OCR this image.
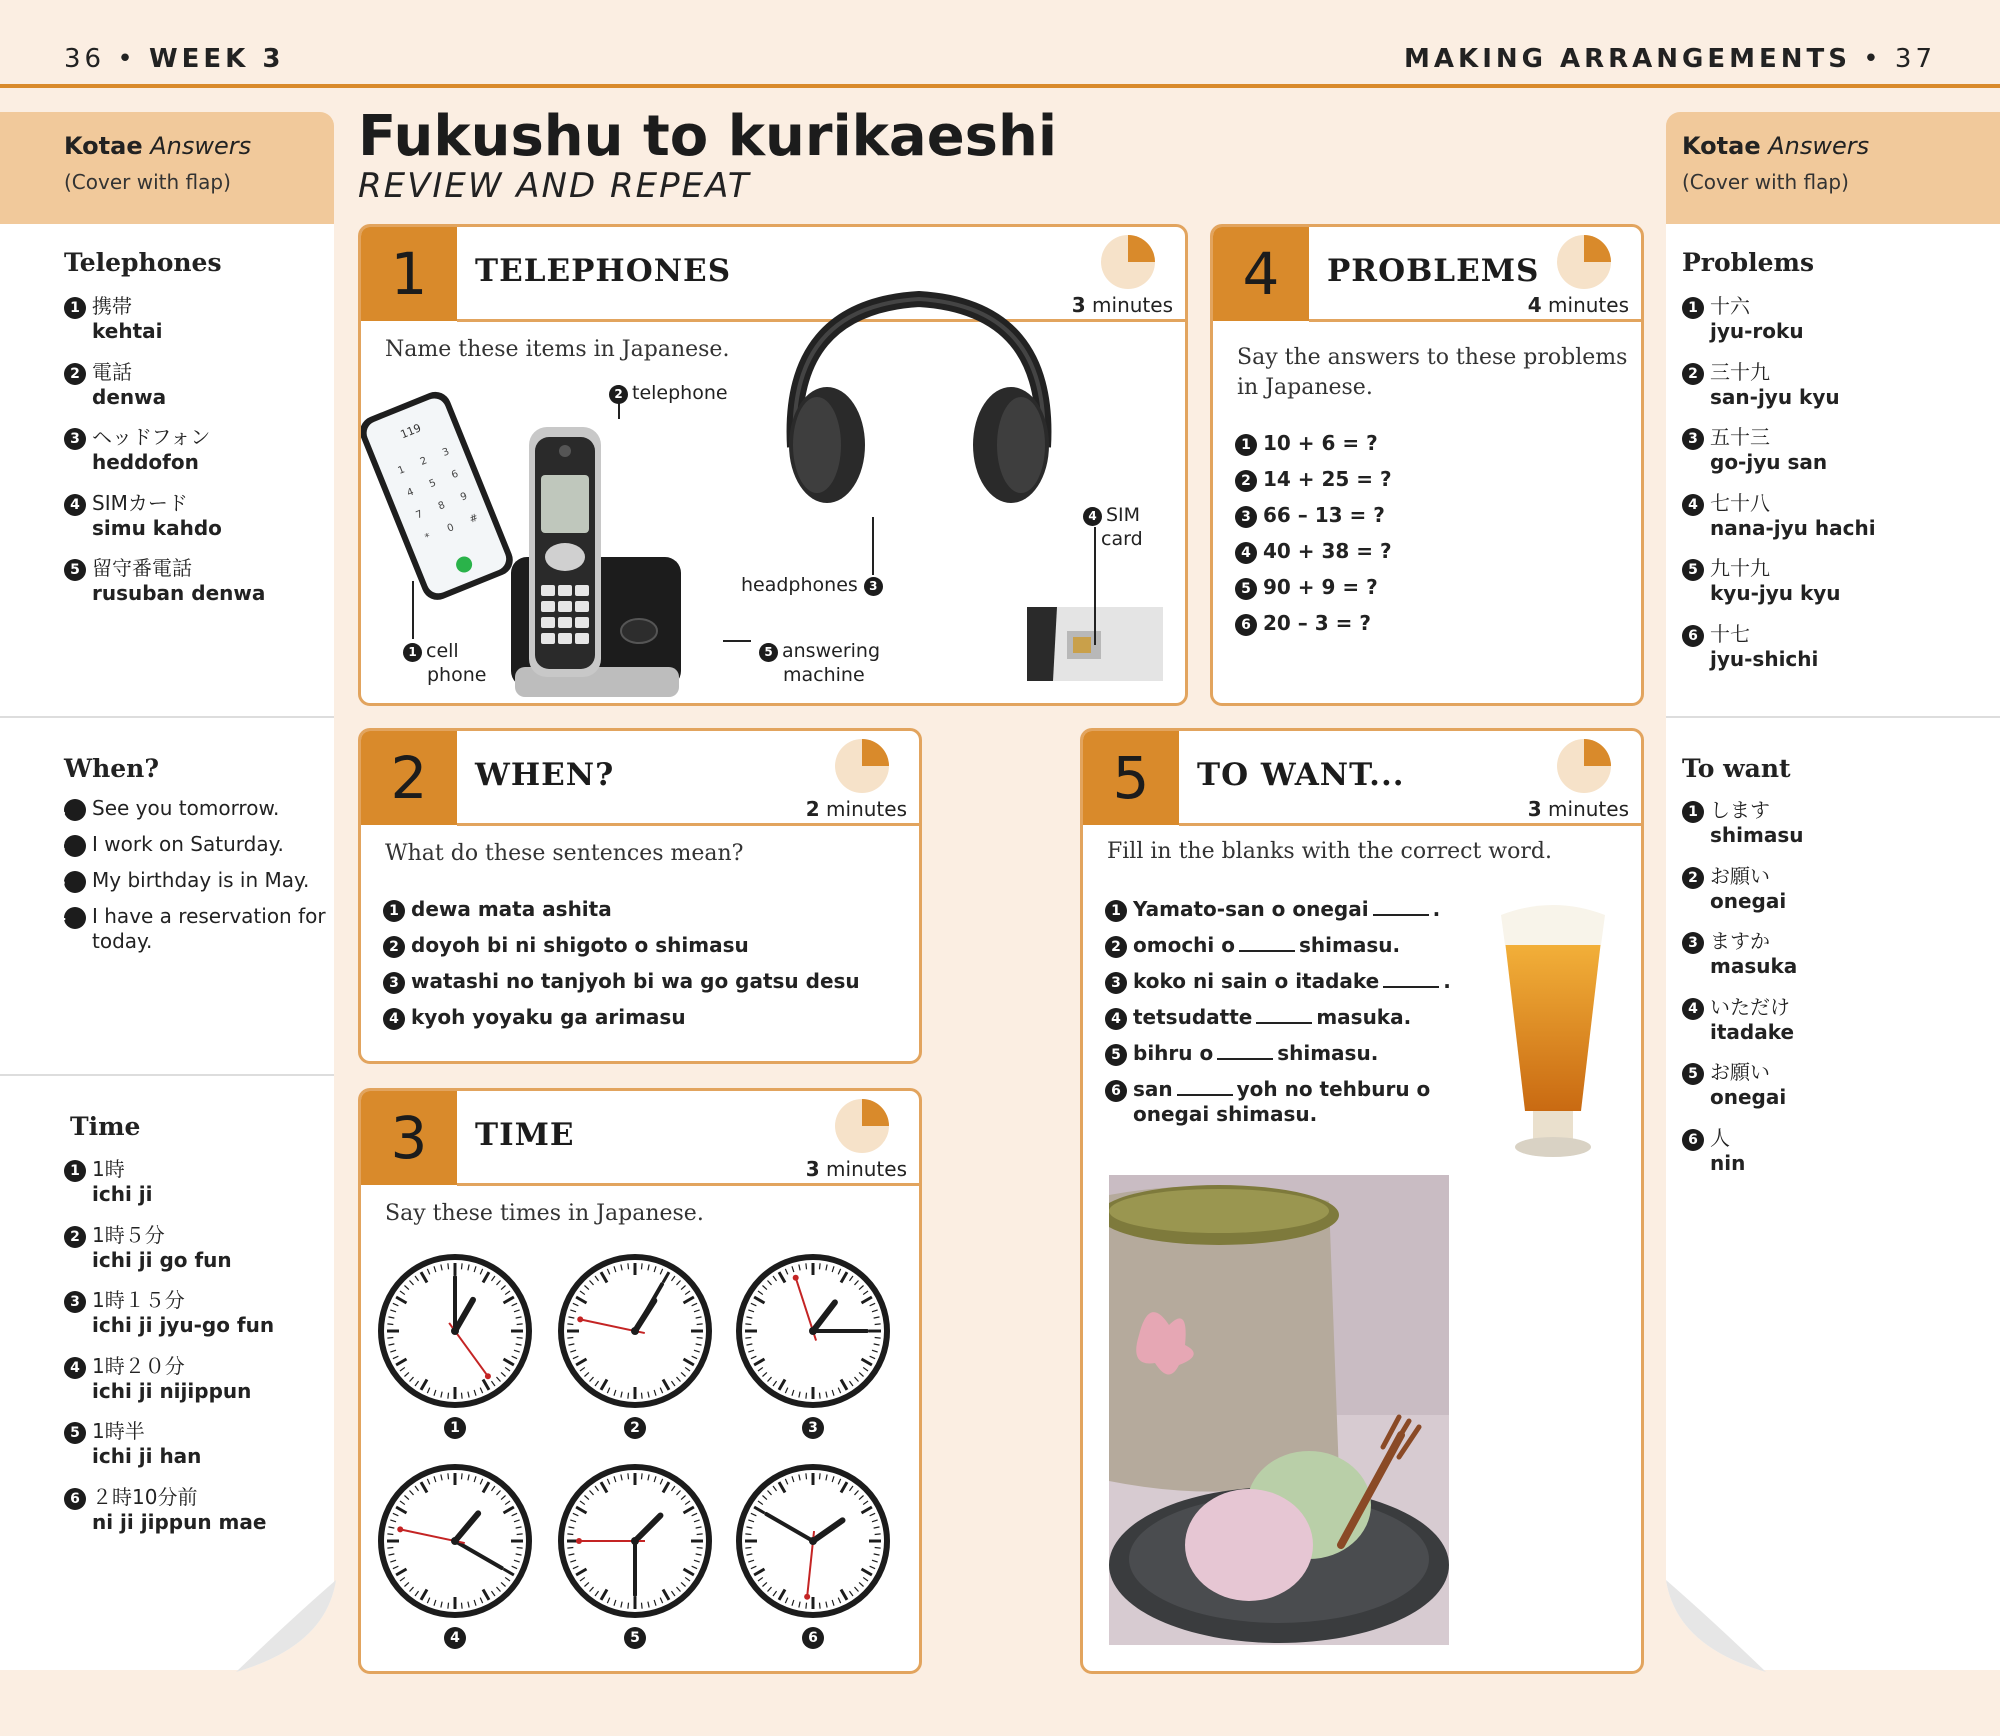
36 • WEEK 3	MAKING ARRANGEMENTS • 37
Fukushu to kurikaeshi
REVIEW AND REPEAT
Kotae Answers
(Cover with flap)
Telephones
1 携帯
kehtai
2 電話
denwa
3 ヘッドフォン
heddofon
4 SIMカード
simu kahdo
5 留守番電話
rusuban denwa
When?
1 See you tomorrow.
2 I work on Saturday.
3 My birthday is in May.
4 I have a reservation for today.
Time
1 1時
ichi ji
2 1時５分
ichi ji go fun
3 1時１５分
ichi ji jyu-go fun
4 1時２０分
ichi ji nijippun
5 1時半
ichi ji han
6 ２時10分前
ni ji jippun mae
Kotae Answers
(Cover with flap)
Problems
1 十六
jyu-roku
2 三十九
san-jyu kyu
3 五十三
go-jyu san
4 七十八
nana-jyu hachi
5 九十九
kyu-jyu kyu
6 十七
jyu-shichi
To want
1 します
shimasu
2 お願い
onegai
3 ますか
masuka
4 いただけ
itadake
5 お願い
onegai
6 人
nin
1	TELEPHONES
3 minutes
Name these items in Japanese.
119
1
2
3
4
5
6
7
8
9
*
0
#
2 telephone
headphones 3
4 SIM
card
1 cell
phone
5 answering
machine
4	PROBLEMS
4 minutes
Say the answers to these problems
in Japanese.
1 10 + 6 = ?
2 14 + 25 = ?
3 66 – 13 = ?
4 40 + 38 = ?
5 90 + 9 = ?
6 20 – 3 = ?
2	WHEN?
2 minutes
What do these sentences mean?
1 dewa mata ashita
2 doyoh bi ni shigoto o shimasu
3 watashi no tanjyoh bi wa go gatsu desu
4 kyoh yoyaku ga arimasu
3	TIME
3 minutes
Say these times in Japanese.
1	2	3
4	5	6
5	TO WANT...
3 minutes
Fill in the blanks with the correct word.
1 Yamato-san o onegai	.
2 omochi o	shimasu.
3 koko ni sain o itadake	.
4 tetsudatte	masuka.
5 bihru o	shimasu.
6 san	yoh no tehburu o
onegai shimasu.
